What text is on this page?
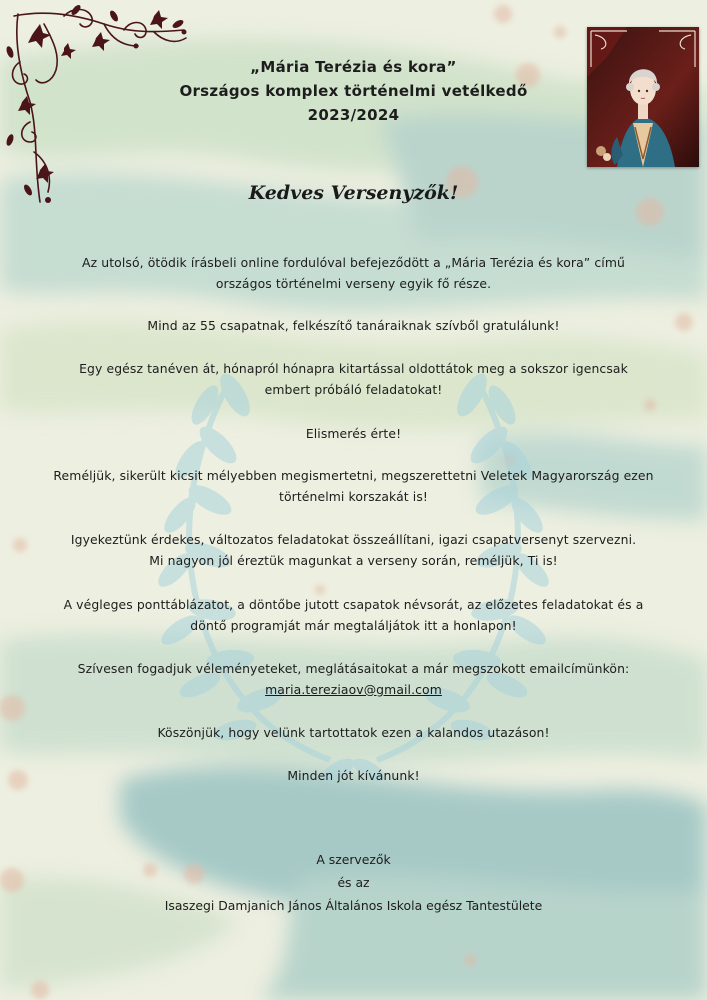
„Mária Terézia és kora”
Országos komplex történelmi vetélkedő
2023/2024
Kedves Versenyzők!
Az utolsó, ötödik írásbeli online fordulóval befejeződött a „Mária Terézia és kora” című
országos történelmi verseny egyik fő része.
Mind az 55 csapatnak, felkészítő tanáraiknak szívből gratulálunk!
Egy egész tanéven át, hónapról hónapra kitartással oldottátok meg a sokszor igencsak
embert próbáló feladatokat!
Elismerés érte!
Reméljük, sikerült kicsit mélyebben megismertetni, megszerettetni Veletek Magyarország ezen
történelmi korszakát is!
Igyekeztünk érdekes, változatos feladatokat összeállítani, igazi csapatversenyt szervezni.
Mi nagyon jól éreztük magunkat a verseny során, reméljük, Ti is!
A végleges ponttáblázatot, a döntőbe jutott csapatok névsorát, az előzetes feladatokat és a
döntő programját már megtaláljátok itt a honlapon!
Szívesen fogadjuk véleményeteket, meglátásaitokat a már megszokott emailcímünkön:
maria.tereziaov@gmail.com
Köszönjük, hogy velünk tartottatok ezen a kalandos utazáson!
Minden jót kívánunk!
A szervezők
és az
Isaszegi Damjanich János Általános Iskola egész Tantestülete
